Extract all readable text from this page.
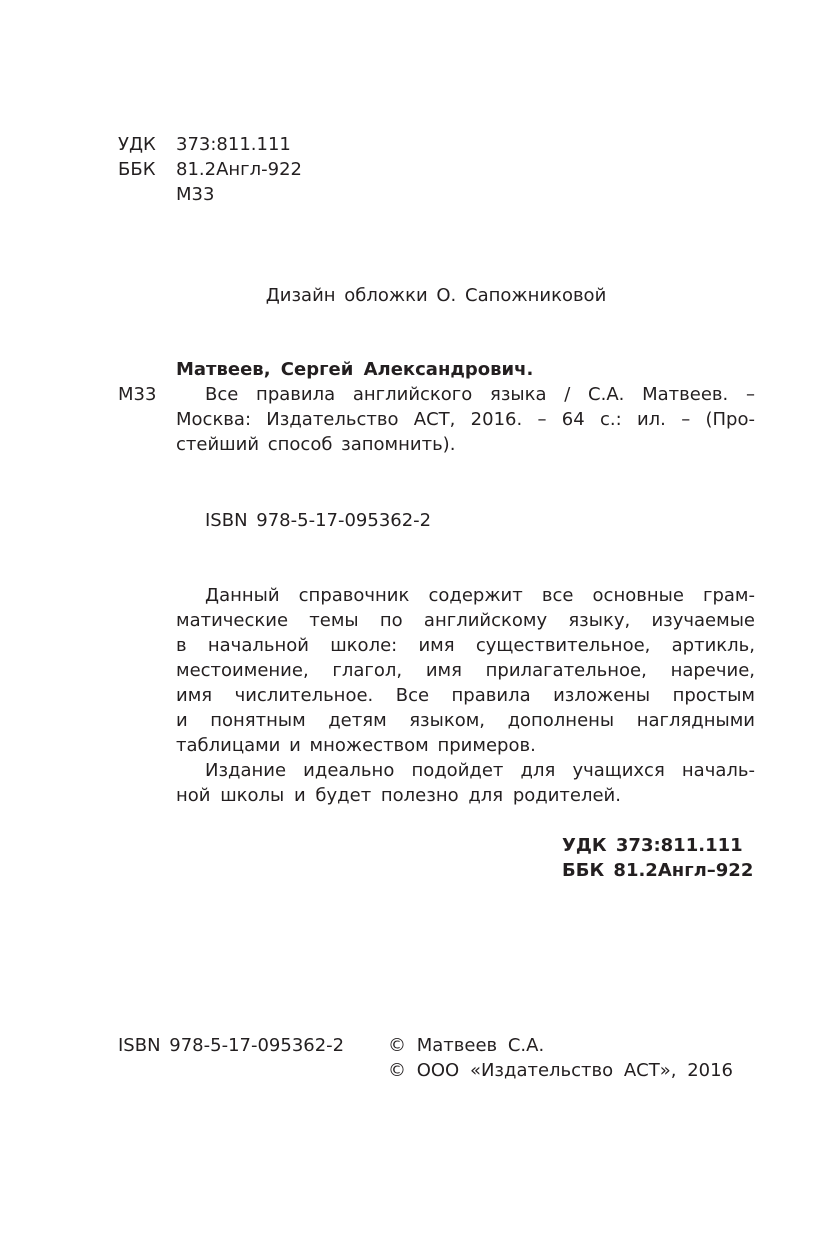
УДК 373:811.111
ББК 81.2Англ-922
М33
Дизайн обложки О. Сапожниковой
Матвеев, Сергей Александрович.
М33	Все правила английского языка / С.А. Матвеев. –
Москва: Издательство АСТ, 2016. – 64 с.: ил. – (Про-
стейший способ запомнить).
ISBN 978-5-17-095362-2
Данный справочник содержит все основные грам-
матические темы по английскому языку, изучаемые
в начальной школе: имя существительное, артикль,
местоимение, глагол, имя прилагательное, наречие,
имя числительное. Все правила изложены простым
и понятным детям языком, дополнены наглядными
таблицами и множеством примеров.
Издание идеально подойдет для учащихся началь-
ной школы и будет полезно для родителей.
УДК 373:811.111
ББК 81.2Англ–922
ISBN 978-5-17-095362-2 © Матвеев С.А.
© ООО «Издательство АСТ», 2016
